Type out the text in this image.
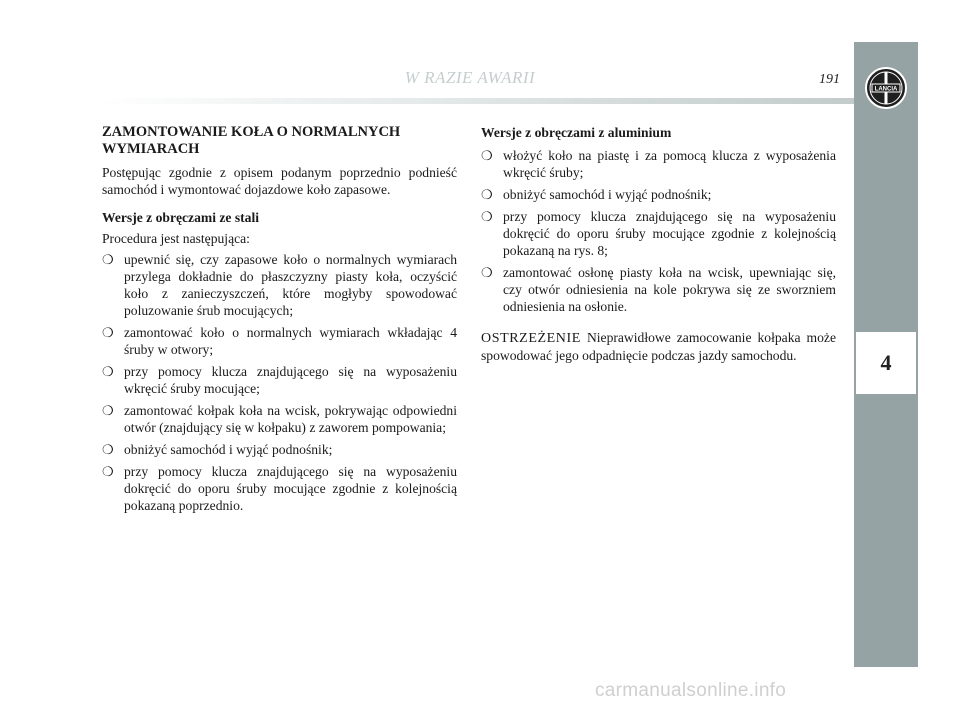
W RAZIE AWARII	191
LANCIA
4
ZAMONTOWANIE KOŁA O NORMALNYCH WYMIARACH

Postępując zgodnie z opisem podanym poprzednio podnieść samochód i wymontować dojazdowe koło zapasowe.

Wersje z obręczami ze stali

Procedura jest następująca:

❍ upewnić się, czy zapasowe koło o normalnych wymiarach przylega dokładnie do płaszczyzny piasty koła, oczyścić koło z zanieczyszczeń, które mogłyby spowodować poluzowanie śrub mocujących;
❍ zamontować koło o normalnych wymiarach wkładając 4 śruby w otwory;
❍ przy pomocy klucza znajdującego się na wyposażeniu wkręcić śruby mocujące;
❍ zamontować kołpak koła na wcisk, pokrywając odpowiedni otwór (znajdujący się w kołpaku) z zaworem pompowania;
❍ obniżyć samochód i wyjąć podnośnik;
❍ przy pomocy klucza znajdującego się na wyposażeniu dokręcić do oporu śruby mocujące zgodnie z kolejnością pokazaną poprzednio.
Wersje z obręczami z aluminium
❍ włożyć koło na piastę i za pomocą klucza z wyposażenia wkręcić śruby;
❍ obniżyć samochód i wyjąć podnośnik;
❍ przy pomocy klucza znajdującego się na wyposażeniu dokręcić do oporu śruby mocujące zgodnie z kolejnością pokazaną na rys. 8;
❍ zamontować osłonę piasty koła na wcisk, upewniając się, czy otwór odniesienia na kole pokrywa się ze sworzniem odniesienia na osłonie.

OSTRZEŻENIE Nieprawidłowe zamocowanie kołpaka może spowodować jego odpadnięcie podczas jazdy samochodu.

carmanualsonline.info
